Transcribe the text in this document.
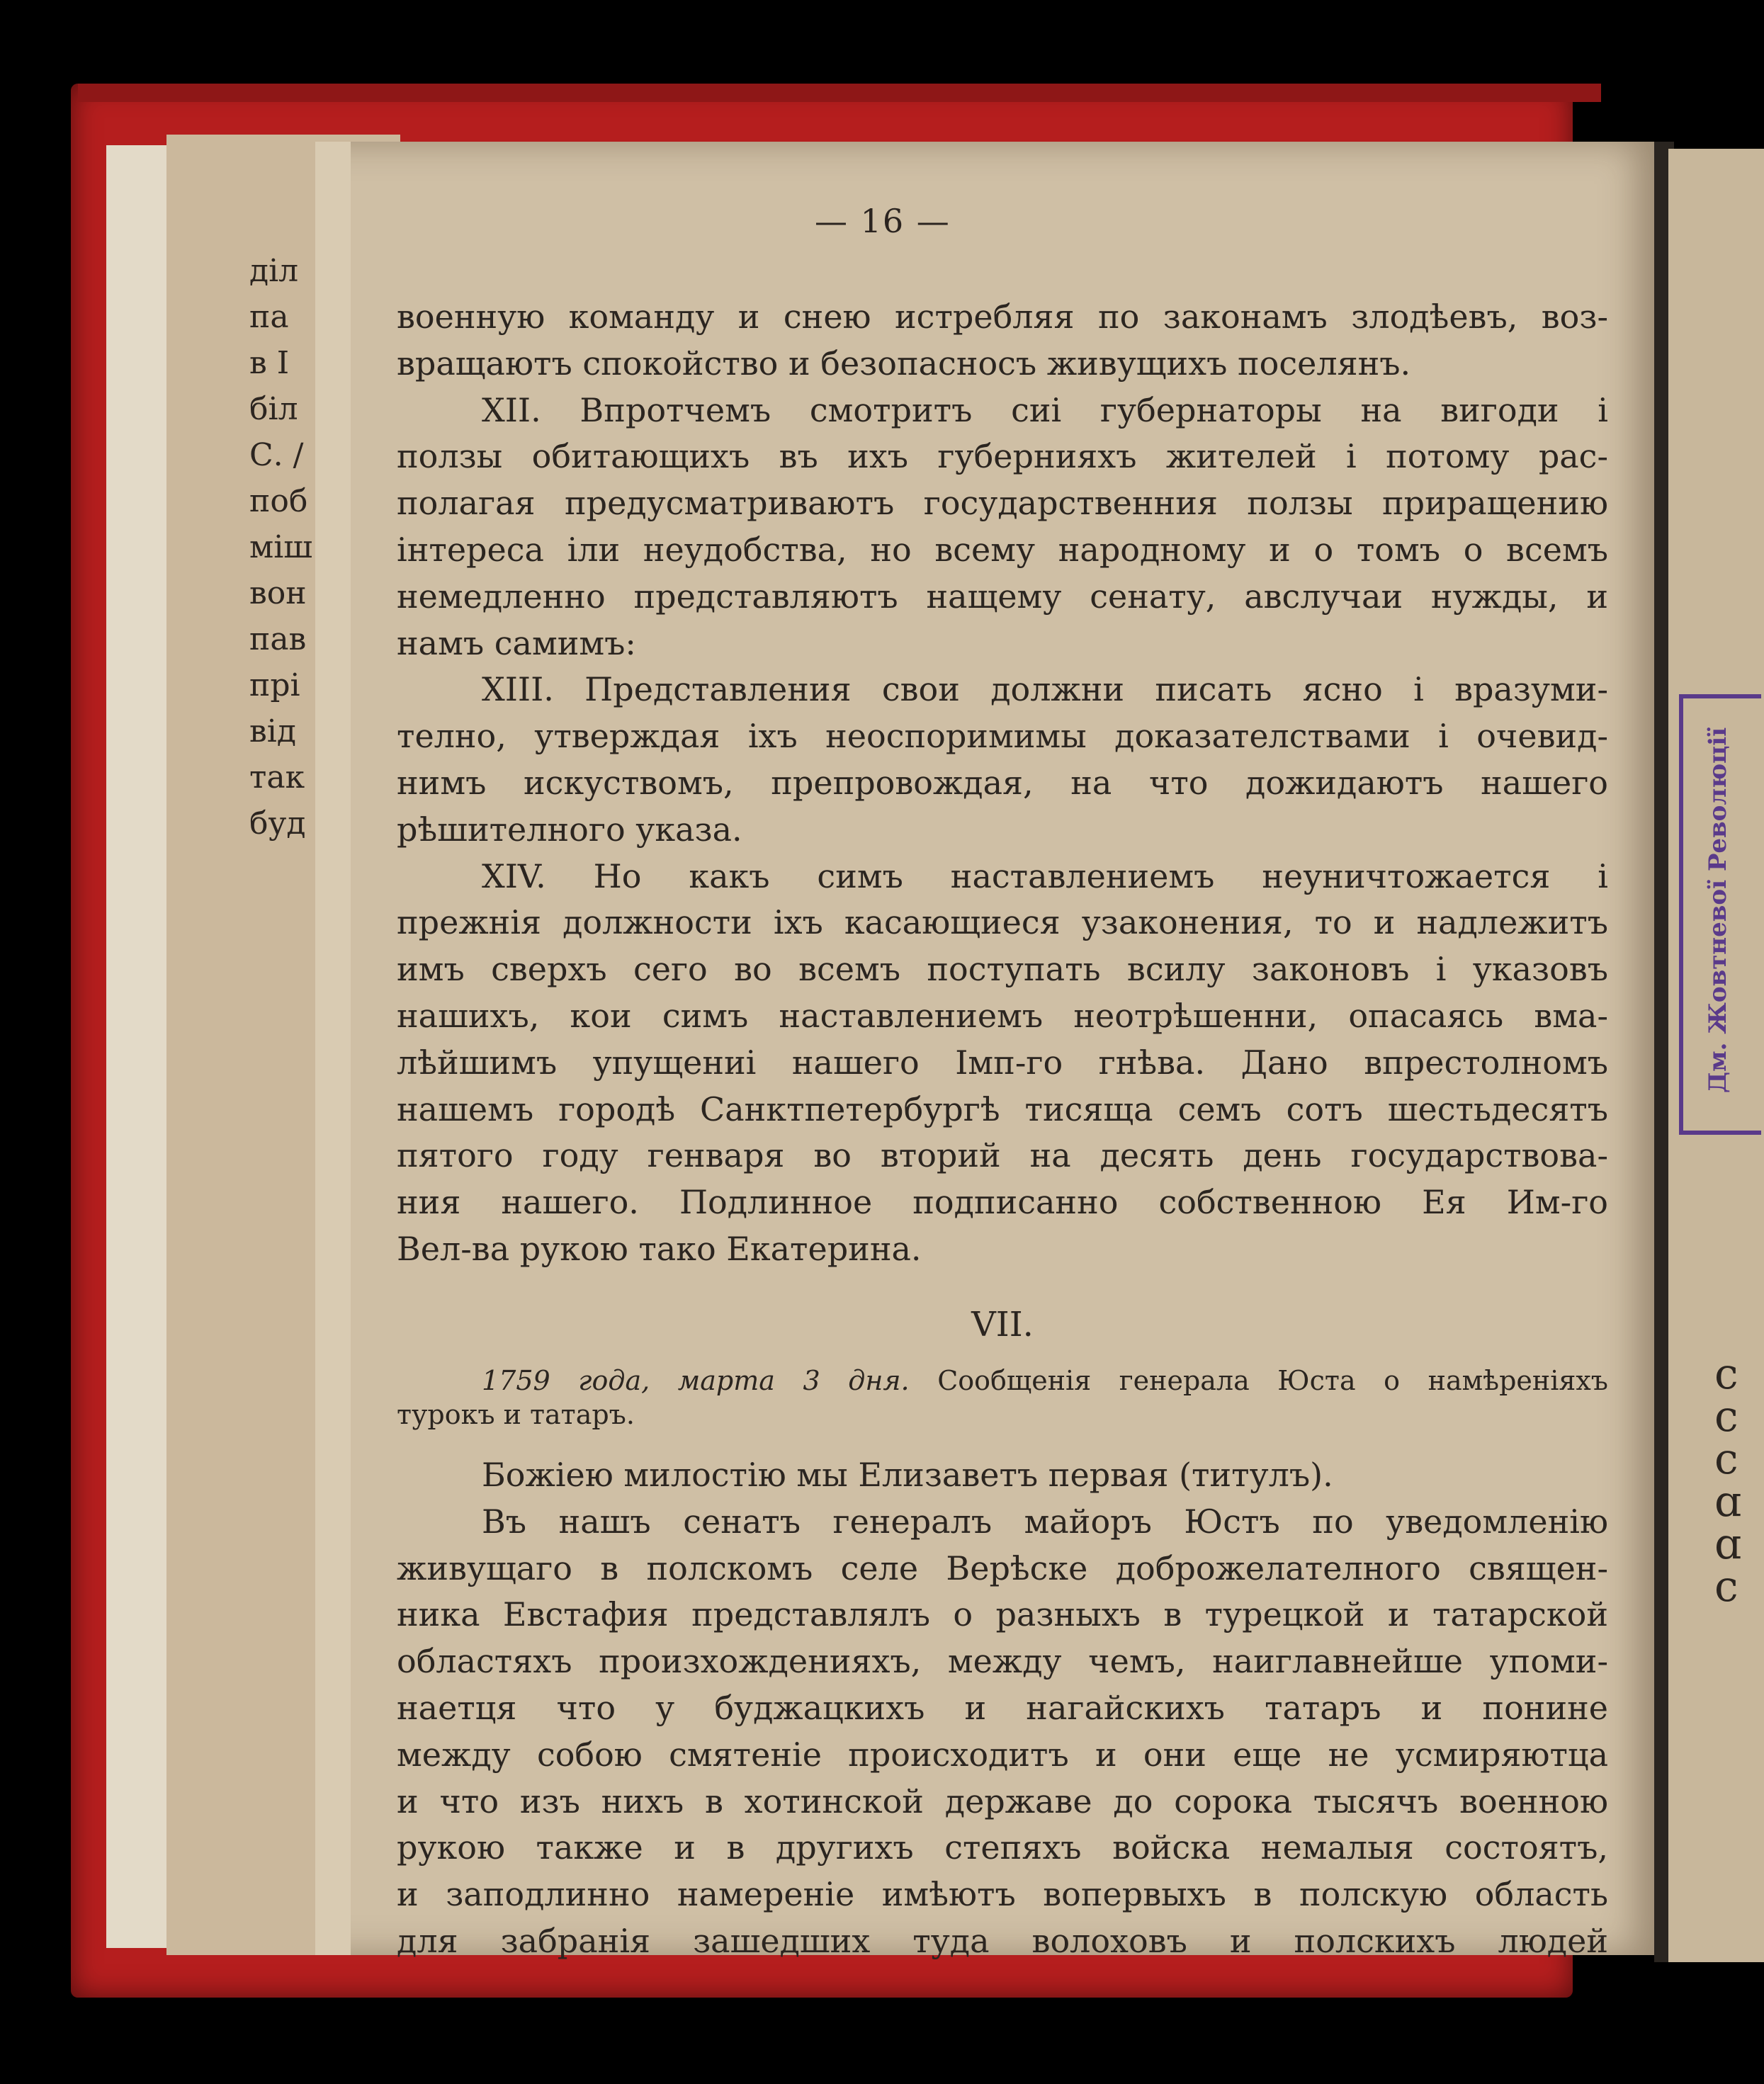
діл
па
в І
біл
С. /
поб
міш
вон
пав
прі
від
так
буд
— 16 —
военную команду и снею истребляя по законамъ злодѣевъ, воз-
вращаютъ спокойство и безопасносъ живущихъ поселянъ.
ХII. Впротчемъ смотритъ сиі губернаторы на вигоди і
ползы обитающихъ въ ихъ губернияхъ жителей і потому рас-
полагая предусматриваютъ государственния ползы приращению
інтереса іли неудобства, но всему народному и о томъ о всемъ
немедленно представляютъ нащему сенату, авслучаи нужды, и
намъ самимъ:
ХIII. Представления свои должни писать ясно і вразуми-
телно, утверждая іхъ неоспоримимы доказателствами і очевид-
нимъ искуствомъ, препровождая, на что дожидаютъ нашего
рѣшителного указа.
ХIV. Но какъ симъ наставлениемъ неуничтожается і
прежнія должности іхъ касающиеся узаконения, то и надлежитъ
имъ сверхъ сего во всемъ поступать всилу законовъ і указовъ
нашихъ, кои симъ наставлениемъ неотрѣшенни, опасаясь вма-
лѣйшимъ упущениі нашего Імп-го гнѣва. Дано впрестолномъ
нашемъ городѣ Санктпетербургѣ тисяща семъ сотъ шестьдесятъ
пятого году генваря во вторий на десять день государствова-
ния нашего. Подлинное подписанно собственною Ея Им-го
Вел-ва рукою тако Екатерина.
VII.
1759 года, марта 3 дня. Сообщенія генерала Юста о намѣреніяхъ
турокъ и татаръ.
Божіею милостію мы Елизаветъ первая (титулъ).
Въ нашъ сенатъ генералъ майоръ Юстъ по уведомленію
живущаго в полскомъ селе Верѣске доброжелателного священ-
ника Евстафия представлялъ о разныхъ в турецкой и татарской
областяхъ произхожденияхъ, между чемъ, наиглавнейше упоми-
наетця что у буджацкихъ и нагайскихъ татаръ и понине
между собою смятеніе происходитъ и они еще не усмиряютца
и что изъ нихъ в хотинской державе до сорока тысячъ военною
рукою также и в другихъ степяхъ войска немалыя состоятъ,
и заподлинно намереніе имѣютъ вопервыхъ в полскую область
для забранія зашедших туда волоховъ и полскихъ людей
Дм. Жовтневої Революції
c
c
c
ɑ
ɑ
c
